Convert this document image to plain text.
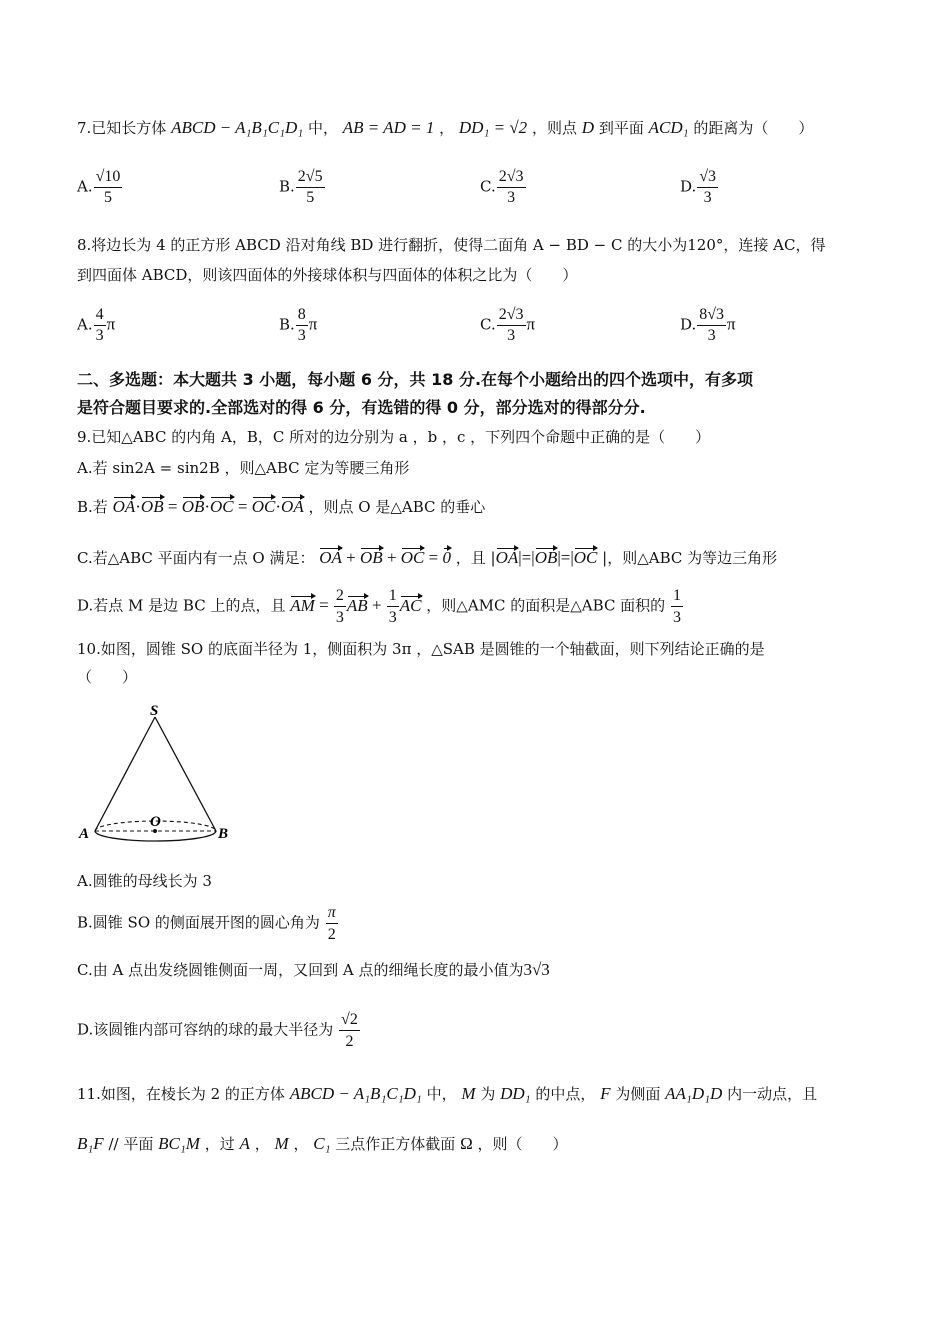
7.已知长方体 ABCD − A₁B₁C₁D₁ 中， AB = AD = 1 ， DD₁ = √2 ，则点 D 到平面 ACD₁ 的距离为（　　）
A. $\frac{√10}{5}$	B. $\frac{2√5}{5}$	C. $\frac{2√3}{3}$	D. $\frac{√3}{3}$
8.将边长为 4 的正方形 ABCD 沿对角线 BD 进行翻折，使得二面角 A − BD − C 的大小为120°，连接 AC，得
到四面体 ABCD，则该四面体的外接球体积与四面体的体积之比为（　　）
A. $\frac{4}{3}$ π	B. $\frac{8}{3}$ π	C. $\frac{2√3}{3}$ π	D. $\frac{8√3}{3}$ π
二、多选题：本大题共 3 小题，每小题 6 分，共 18 分.在每个小题给出的四个选项中，有多项
是符合题目要求的.全部选对的得 6 分，有选错的得 0 分，部分选对的得部分分.
9.已知△ABC 的内角 A，B，C 所对的边分别为 a ，b ，c ，下列四个命题中正确的是（　　）
A.若 sin2A = sin2B ，则△ABC 定为等腰三角形
B.若 OA·OB = OB·OC = OC·OA ，则点 O 是△ABC 的垂心
C.若△ABC 平面内有一点 O 满足： OA + OB + OC = 0 ，且 |OA|=|OB|=|OC |，则△ABC 为等边三角形
D.若点 M 是边 BC 上的点，且 AM = $\frac{2}{3}$ AB + $\frac{1}{3}$ AC ，则△AMC 的面积是△ABC 面积的 $\frac{1}{3}$
10.如图，圆锥 SO 的底面半径为 1，侧面积为 3π ，△SAB 是圆锥的一个轴截面，则下列结论正确的是
（　　）
S
A
O
B
A.圆锥的母线长为 3
B.圆锥 SO 的侧面展开图的圆心角为 $\frac{\pi}{2}$
C.由 A 点出发绕圆锥侧面一周，又回到 A 点的细绳长度的最小值为3√3
D.该圆锥内部可容纳的球的最大半径为 $\frac{√2}{2}$
11.如图，在棱长为 2 的正方体 ABCD − A₁B₁C₁D₁ 中， M 为 DD₁ 的中点， F 为侧面 AA₁D₁D 内一动点，且
B₁F // 平面 BC₁M ，过 A ， M ， C₁ 三点作正方体截面 Ω ，则（　　）
